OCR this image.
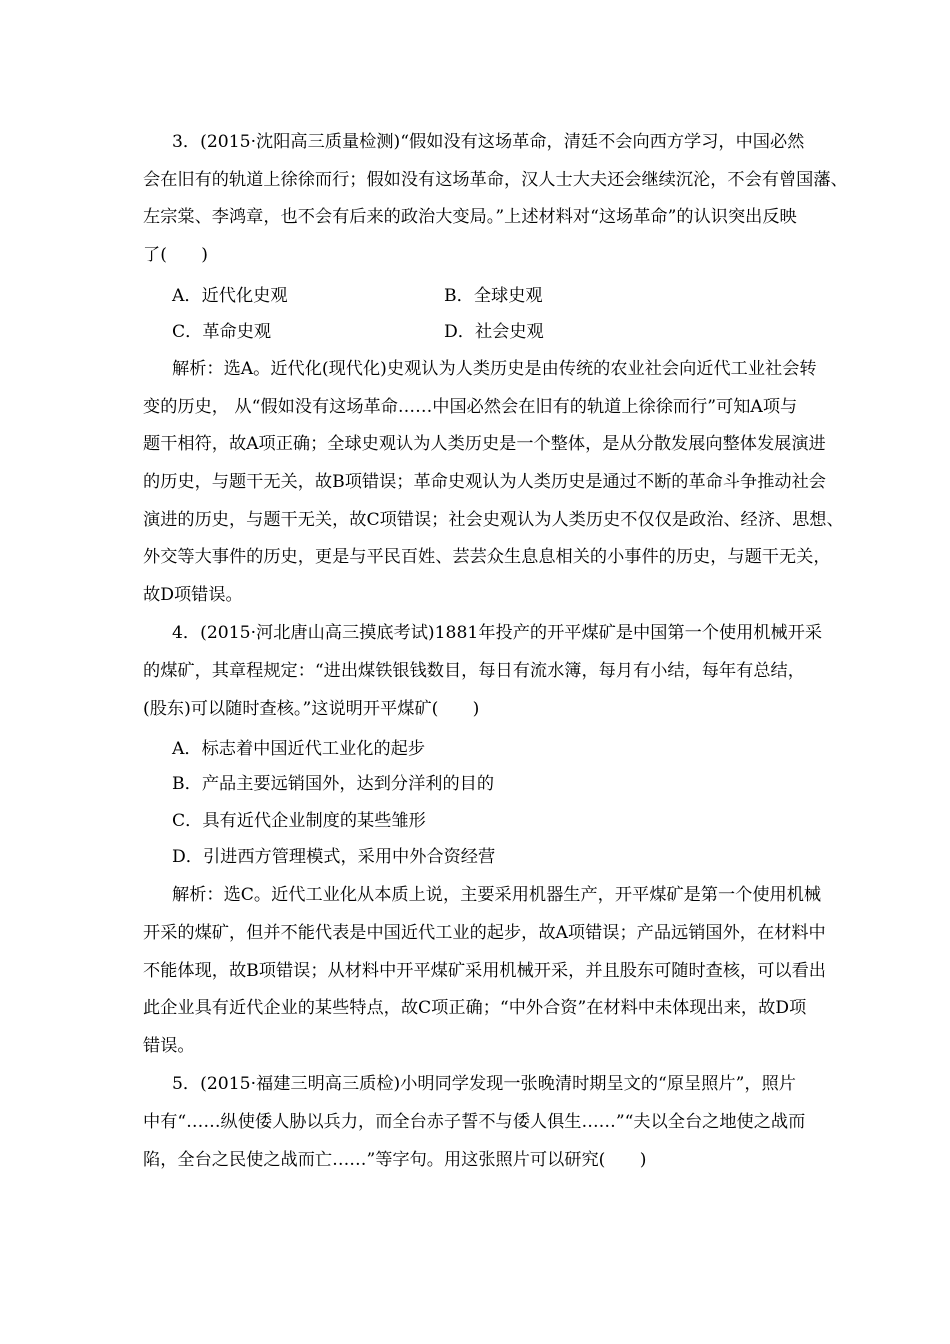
3．(2015·沈阳高三质量检测)“假如没有这场革命，清廷不会向西方学习，中国必然
会在旧有的轨道上徐徐而行；假如没有这场革命，汉人士大夫还会继续沉沦，不会有曾国藩、
左宗棠、李鸿章，也不会有后来的政治大变局。”上述材料对“这场革命”的认识突出反映
了(　　)
A．近代化史观	B．全球史观
C．革命史观	D．社会史观
解析：选A。近代化(现代化)史观认为人类历史是由传统的农业社会向近代工业社会转
变的历史， 从“假如没有这场革命……中国必然会在旧有的轨道上徐徐而行”可知A项与
题干相符，故A项正确；全球史观认为人类历史是一个整体，是从分散发展向整体发展演进
的历史，与题干无关，故B项错误；革命史观认为人类历史是通过不断的革命斗争推动社会
演进的历史，与题干无关，故C项错误；社会史观认为人类历史不仅仅是政治、经济、思想、
外交等大事件的历史，更是与平民百姓、芸芸众生息息相关的小事件的历史，与题干无关，
故D项错误。
4．(2015·河北唐山高三摸底考试)1881年投产的开平煤矿是中国第一个使用机械开采
的煤矿，其章程规定：“进出煤铁银钱数目，每日有流水簿，每月有小结，每年有总结，
(股东)可以随时查核。”这说明开平煤矿(　　)
A．标志着中国近代工业化的起步
B．产品主要远销国外，达到分洋利的目的
C．具有近代企业制度的某些雏形
D．引进西方管理模式，采用中外合资经营
解析：选C。近代工业化从本质上说，主要采用机器生产，开平煤矿是第一个使用机械
开采的煤矿，但并不能代表是中国近代工业的起步，故A项错误；产品远销国外，在材料中
不能体现，故B项错误；从材料中开平煤矿采用机械开采，并且股东可随时查核，可以看出
此企业具有近代企业的某些特点，故C项正确；“中外合资”在材料中未体现出来，故D项
错误。
5．(2015·福建三明高三质检)小明同学发现一张晚清时期呈文的“原呈照片”，照片
中有“……纵使倭人胁以兵力，而全台赤子誓不与倭人俱生……”“夫以全台之地使之战而
陷，全台之民使之战而亡……”等字句。用这张照片可以研究(　　)
